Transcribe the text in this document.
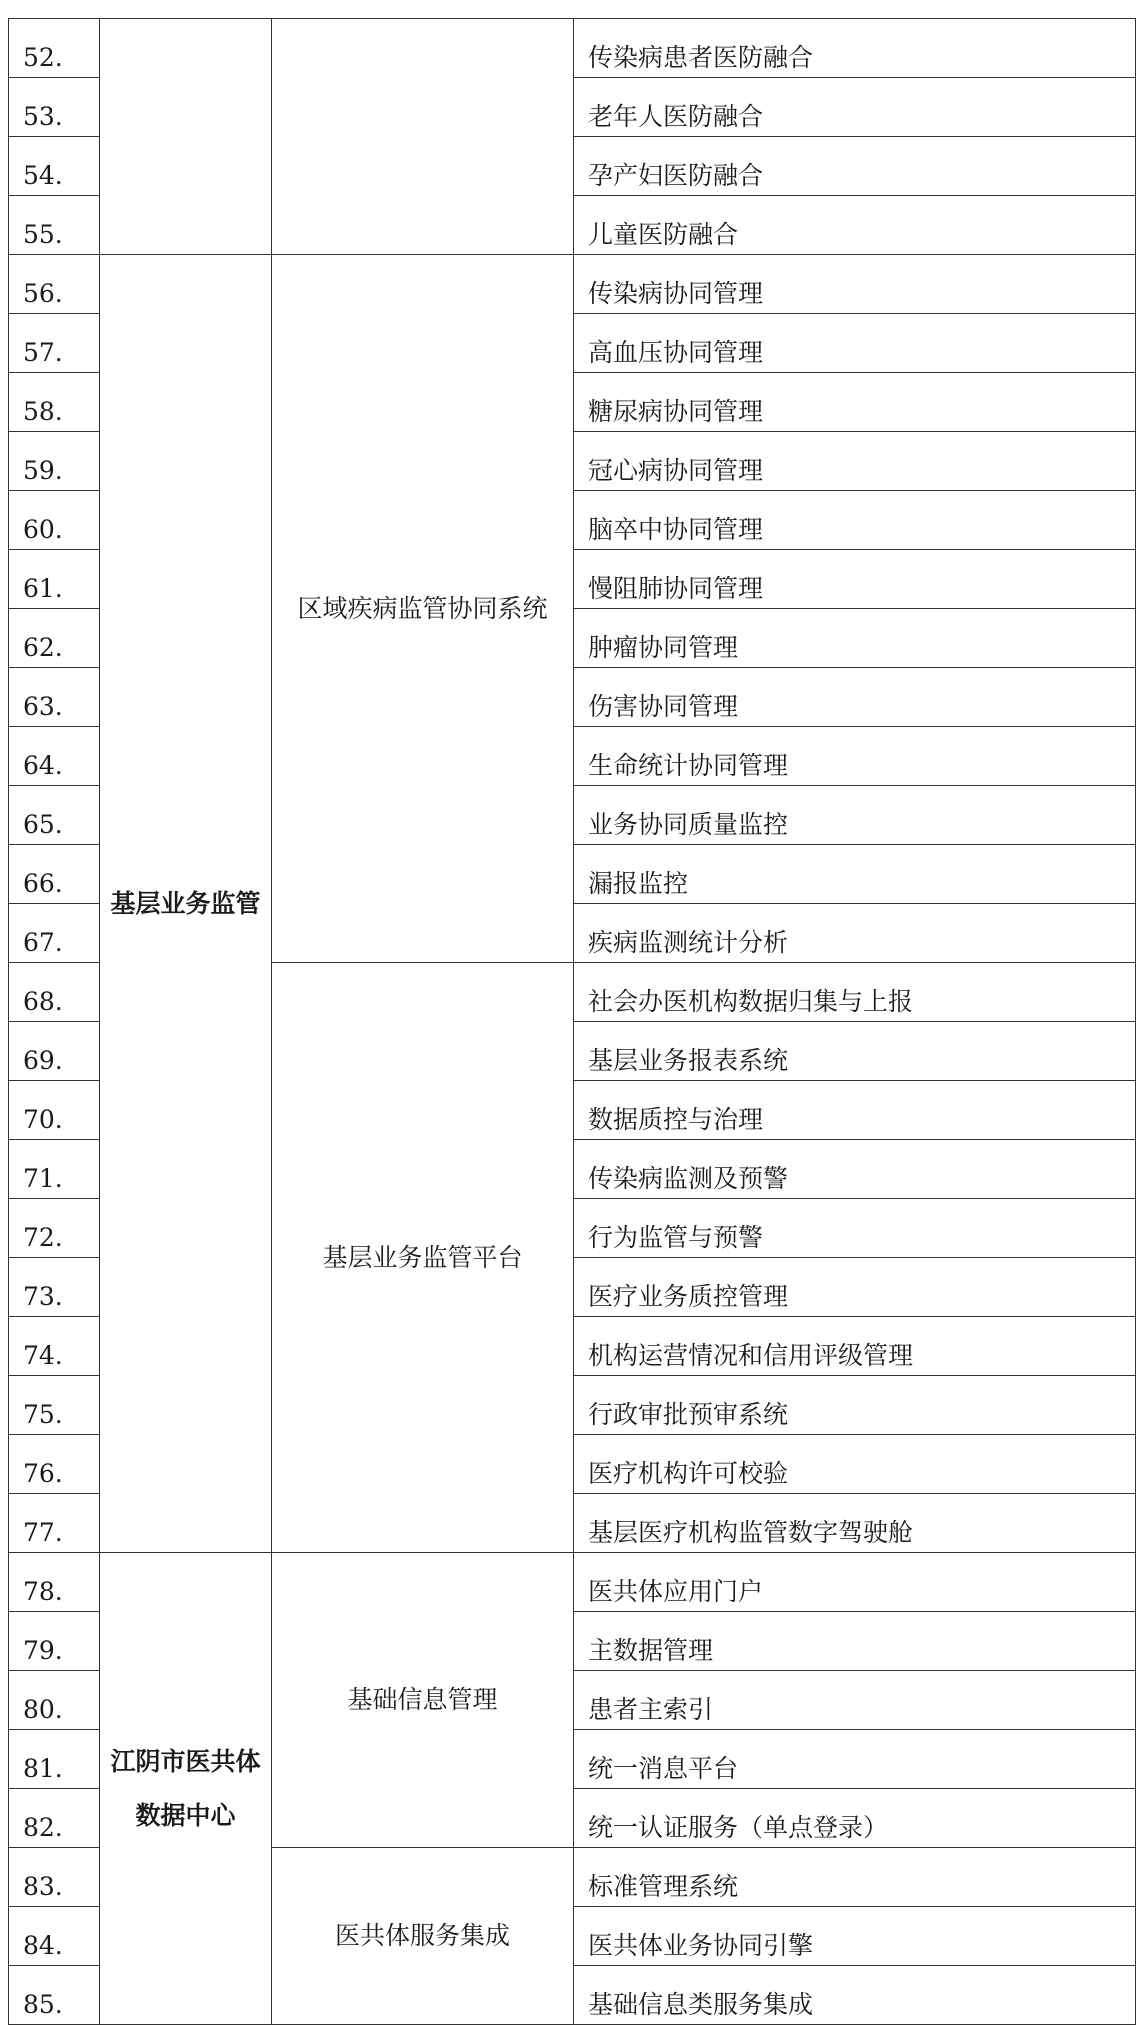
52.			传染病患者医防融合
53.			老年人医防融合
54.			孕产妇医防融合
55.			儿童医防融合
56.	基层业务监管	区域疾病监管协同系统	传染病协同管理
57.			高血压协同管理
58.			糖尿病协同管理
59.			冠心病协同管理
60.			脑卒中协同管理
61.			慢阻肺协同管理
62.			肿瘤协同管理
63.			伤害协同管理
64.			生命统计协同管理
65.			业务协同质量监控
66.			漏报监控
67.			疾病监测统计分析
68.		基层业务监管平台	社会办医机构数据归集与上报
69.			基层业务报表系统
70.			数据质控与治理
71.			传染病监测及预警
72.			行为监管与预警
73.			医疗业务质控管理
74.			机构运营情况和信用评级管理
75.			行政审批预审系统
76.			医疗机构许可校验
77.			基层医疗机构监管数字驾驶舱
78.	江阴市医共体数据中心	基础信息管理	医共体应用门户
79.			主数据管理
80.			患者主索引
81.			统一消息平台
82.			统一认证服务（单点登录）
83.		医共体服务集成	标准管理系统
84.			医共体业务协同引擎
85.			基础信息类服务集成
